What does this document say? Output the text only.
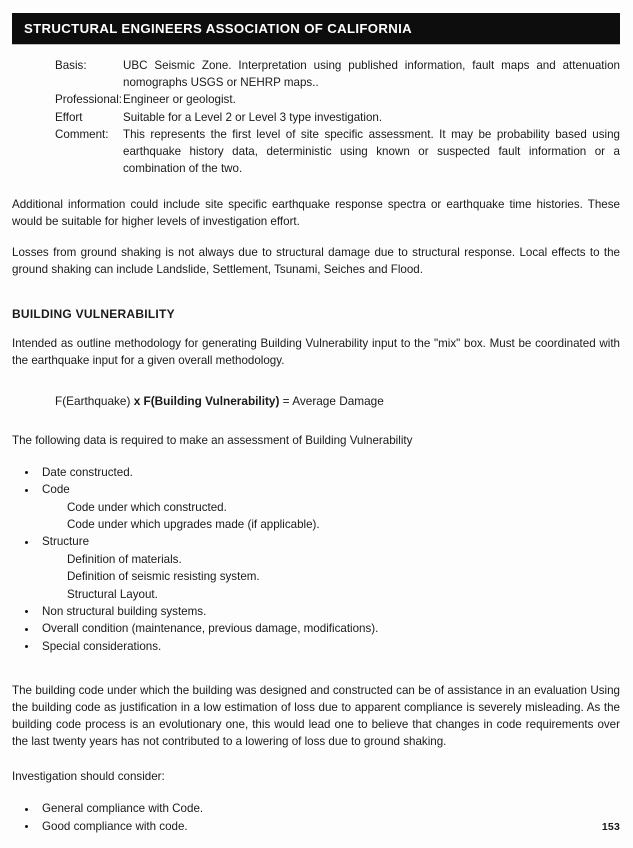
STRUCTURAL ENGINEERS ASSOCIATION OF CALIFORNIA
Basis:	UBC Seismic Zone. Interpretation using published information, fault maps and attenuation nomographs USGS or NEHRP maps..
Professional:	Engineer or geologist.
Effort	Suitable for a Level 2 or Level 3 type investigation.
Comment:	This represents the first level of site specific assessment. It may be probability based using earthquake history data, deterministic using known or suspected fault information or a combination of the two.

Additional information could include site specific earthquake response spectra or earthquake time histories. These would be suitable for higher levels of investigation effort.

Losses from ground shaking is not always due to structural damage due to structural response. Local effects to the ground shaking can include Landslide, Settlement, Tsunami, Seiches and Flood.

BUILDING VULNERABILITY

Intended as outline methodology for generating Building Vulnerability input to the "mix" box. Must be coordinated with the earthquake input for a given overall methodology.

F(Earthquake) x F(Building Vulnerability) = Average Damage

The following data is required to make an assessment of Building Vulnerability

Date constructed.
Code
Code under which constructed.
Code under which upgrades made (if applicable).
Structure
Definition of materials.
Definition of seismic resisting system.
Structural Layout.
Non structural building systems.
Overall condition (maintenance, previous damage, modifications).
Special considerations.

The building code under which the building was designed and constructed can be of assistance in an evaluation Using the building code as justification in a low estimation of loss due to apparent compliance is severely misleading. As the building code process is an evolutionary one, this would lead one to believe that changes in code requirements over the last twenty years has not contributed to a lowering of loss due to ground shaking.

Investigation should consider:

General compliance with Code.
Good compliance with code.	153
